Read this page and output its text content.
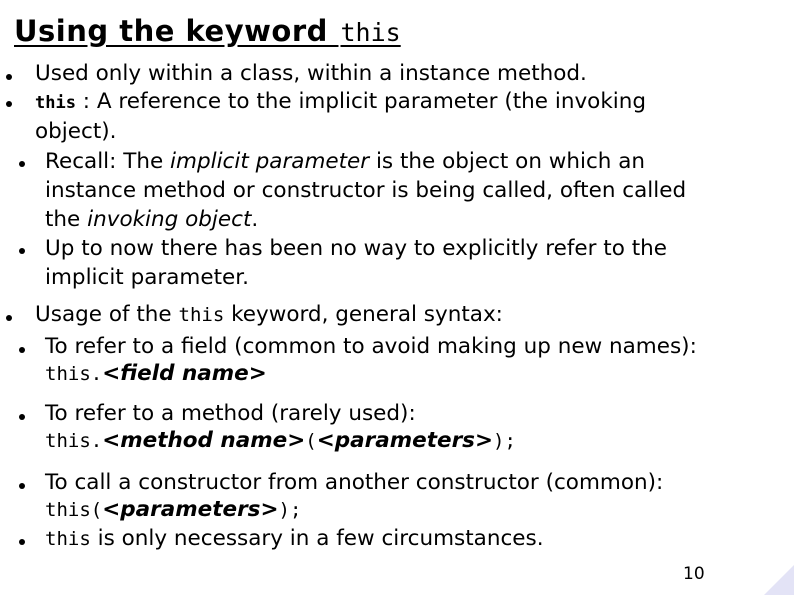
Using the keyword this
Used only within a class, within a instance method.
this : A reference to the implicit parameter (the invoking
object).
Recall: The implicit parameter is the object on which an
instance method or constructor is being called, often called
the invoking object.
Up to now there has been no way to explicitly refer to the
implicit parameter.
Usage of the this keyword, general syntax:
To refer to a field (common to avoid making up new names):
this.<field name>
To refer to a method (rarely used):
this.<method name>(<parameters>);
To call a constructor from another constructor (common):
this(<parameters>);
this is only necessary in a few circumstances.
10
